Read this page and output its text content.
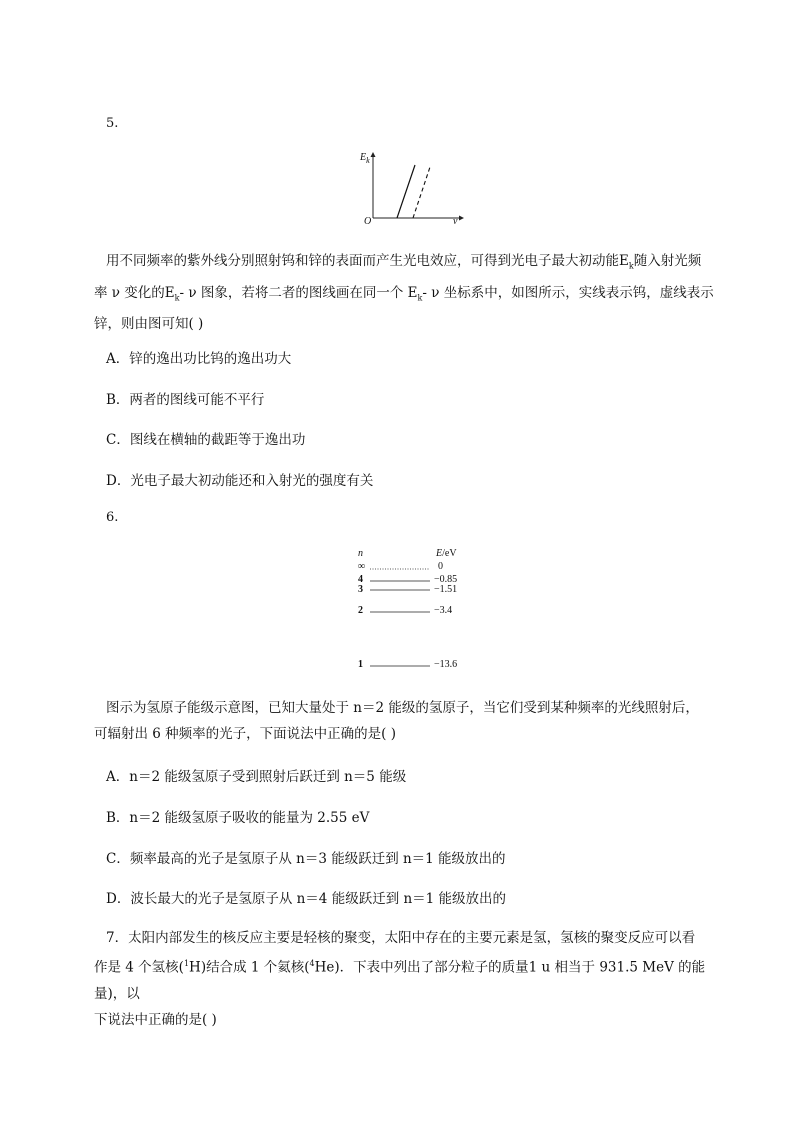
5.
$E_k$
O	ν
用不同频率的紫外线分别照射钨和锌的表面而产生光电效应，可得到光电子最大初动能$E_k$随入射光频
率 ν 变化的$E_k-$ ν 图象，若将二者的图线画在同一个 $E_k-$ ν 坐标系中，如图所示，实线表示钨，虚线表示
锌，则由图可知( )
A．锌的逸出功比钨的逸出功大
B．两者的图线可能不平行
C．图线在横轴的截距等于逸出功
D．光电子最大初动能还和入射光的强度有关
6.
n	E/eV
∞	0
4	−0.85
3	−1.51
2	−3.4
1	−13.6
图示为氢原子能级示意图，已知大量处于 n＝2 能级的氢原子，当它们受到某种频率的光线照射后，
可辐射出 6 种频率的光子，下面说法中正确的是( )
A．n＝2 能级氢原子受到照射后跃迁到 n＝5 能级
B．n＝2 能级氢原子吸收的能量为 2.55 eV
C．频率最高的光子是氢原子从 n＝3 能级跃迁到 n＝1 能级放出的
D．波长最大的光子是氢原子从 n＝4 能级跃迁到 n＝1 能级放出的
7．太阳内部发生的核反应主要是轻核的聚变，太阳中存在的主要元素是氢，氢核的聚变反应可以看
作是 4 个氢核($^1$H)结合成 1 个氦核($^4$He)．下表中列出了部分粒子的质量1 u 相当于 931.5 MeV 的能量)，以
下说法中正确的是( )
